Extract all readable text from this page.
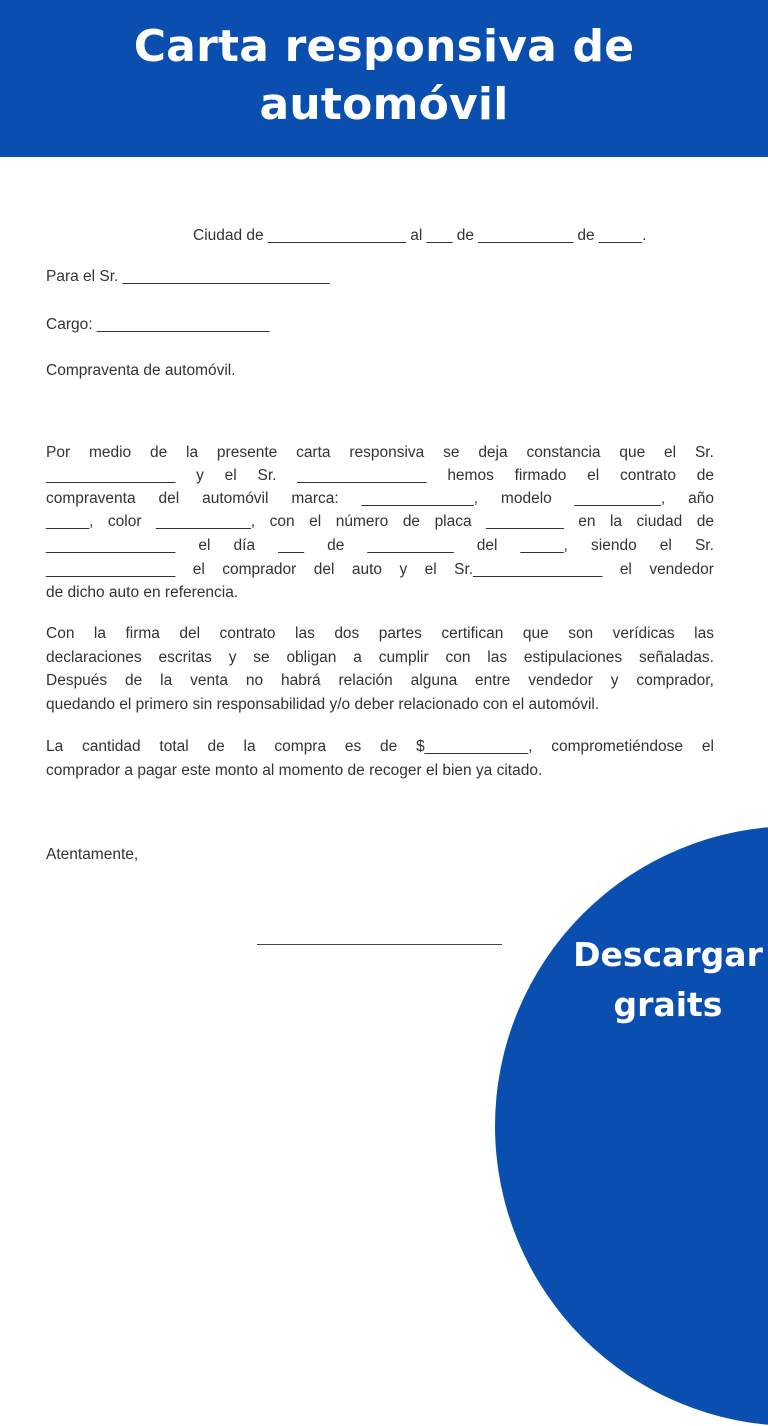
Carta responsiva de
automóvil
Ciudad de ________________ al ___ de ___________ de _____.
Para el Sr. ________________________
Cargo: ____________________
Compraventa de automóvil.
Por medio de la presente carta responsiva se deja constancia que el Sr.
_______________ y el Sr. _______________ hemos firmado el contrato de
compraventa del automóvil marca: _____________, modelo __________, año
_____, color ___________, con el número de placa _________ en la ciudad de
_______________ el día ___ de __________ del _____, siendo el Sr.
_______________ el comprador del auto y el Sr._______________ el vendedor
de dicho auto en referencia.
Con la firma del contrato las dos partes certifican que son verídicas las
declaraciones escritas y se obligan a cumplir con las estipulaciones señaladas.
Después de la venta no habrá relación alguna entre vendedor y comprador,
quedando el primero sin responsabilidad y/o deber relacionado con el automóvil.
La cantidad total de la compra es de $____________, comprometiéndose el
comprador a pagar este monto al momento de recoger el bien ya citado.
Atentamente,
Descargar
graits
